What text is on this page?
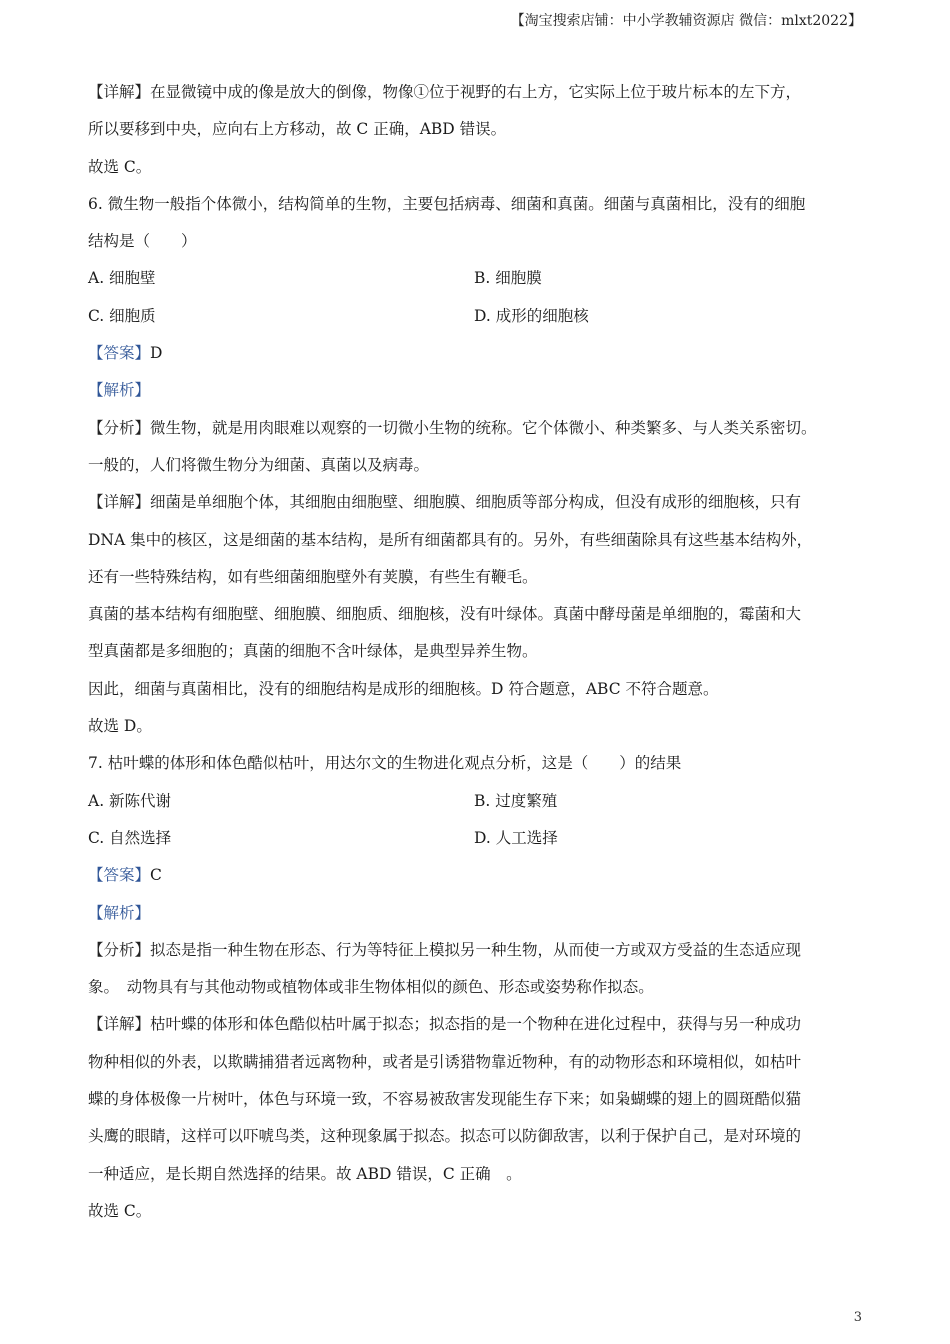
【淘宝搜索店铺：中小学教辅资源店 微信：mlxt2022】
【详解】在显微镜中成的像是放大的倒像，物像①位于视野的右上方，它实际上位于玻片标本的左下方，
所以要移到中央，应向右上方移动，故 C 正确，ABD 错误。
故选 C。
6. 微生物一般指个体微小，结构简单的生物，主要包括病毒、细菌和真菌。细菌与真菌相比，没有的细胞
结构是（　　）
A. 细胞壁	B. 细胞膜
C. 细胞质	D. 成形的细胞核
【答案】D
【解析】
【分析】微生物，就是用肉眼难以观察的一切微小生物的统称。它个体微小、种类繁多、与人类关系密切。
一般的，人们将微生物分为细菌、真菌以及病毒。
【详解】细菌是单细胞个体，其细胞由细胞壁、细胞膜、细胞质等部分构成，但没有成形的细胞核，只有
DNA 集中的核区，这是细菌的基本结构，是所有细菌都具有的。另外，有些细菌除具有这些基本结构外，
还有一些特殊结构，如有些细菌细胞壁外有荚膜，有些生有鞭毛。
真菌的基本结构有细胞壁、细胞膜、细胞质、细胞核，没有叶绿体。真菌中酵母菌是单细胞的，霉菌和大
型真菌都是多细胞的；真菌的细胞不含叶绿体，是典型异养生物。
因此，细菌与真菌相比，没有的细胞结构是成形的细胞核。D 符合题意，ABC 不符合题意。
故选 D。
7. 枯叶蝶的体形和体色酷似枯叶，用达尔文的生物进化观点分析，这是（　　）的结果
A. 新陈代谢	B. 过度繁殖
C. 自然选择	D. 人工选择
【答案】C
【解析】
【分析】拟态是指一种生物在形态、行为等特征上模拟另一种生物，从而使一方或双方受益的生态适应现
象。　动物具有与其他动物或植物体或非生物体相似的颜色、形态或姿势称作拟态。
【详解】枯叶蝶的体形和体色酷似枯叶属于拟态；拟态指的是一个物种在进化过程中，获得与另一种成功
物种相似的外表，以欺瞒捕猎者远离物种，或者是引诱猎物靠近物种，有的动物形态和环境相似，如枯叶
蝶的身体极像一片树叶，体色与环境一致，不容易被敌害发现能生存下来；如枭蝴蝶的翅上的圆斑酷似猫
头鹰的眼睛，这样可以吓唬鸟类，这种现象属于拟态。拟态可以防御敌害，以利于保护自己，是对环境的
一种适应，是长期自然选择的结果。故 ABD 错误，C 正确　。
故选 C。
3
